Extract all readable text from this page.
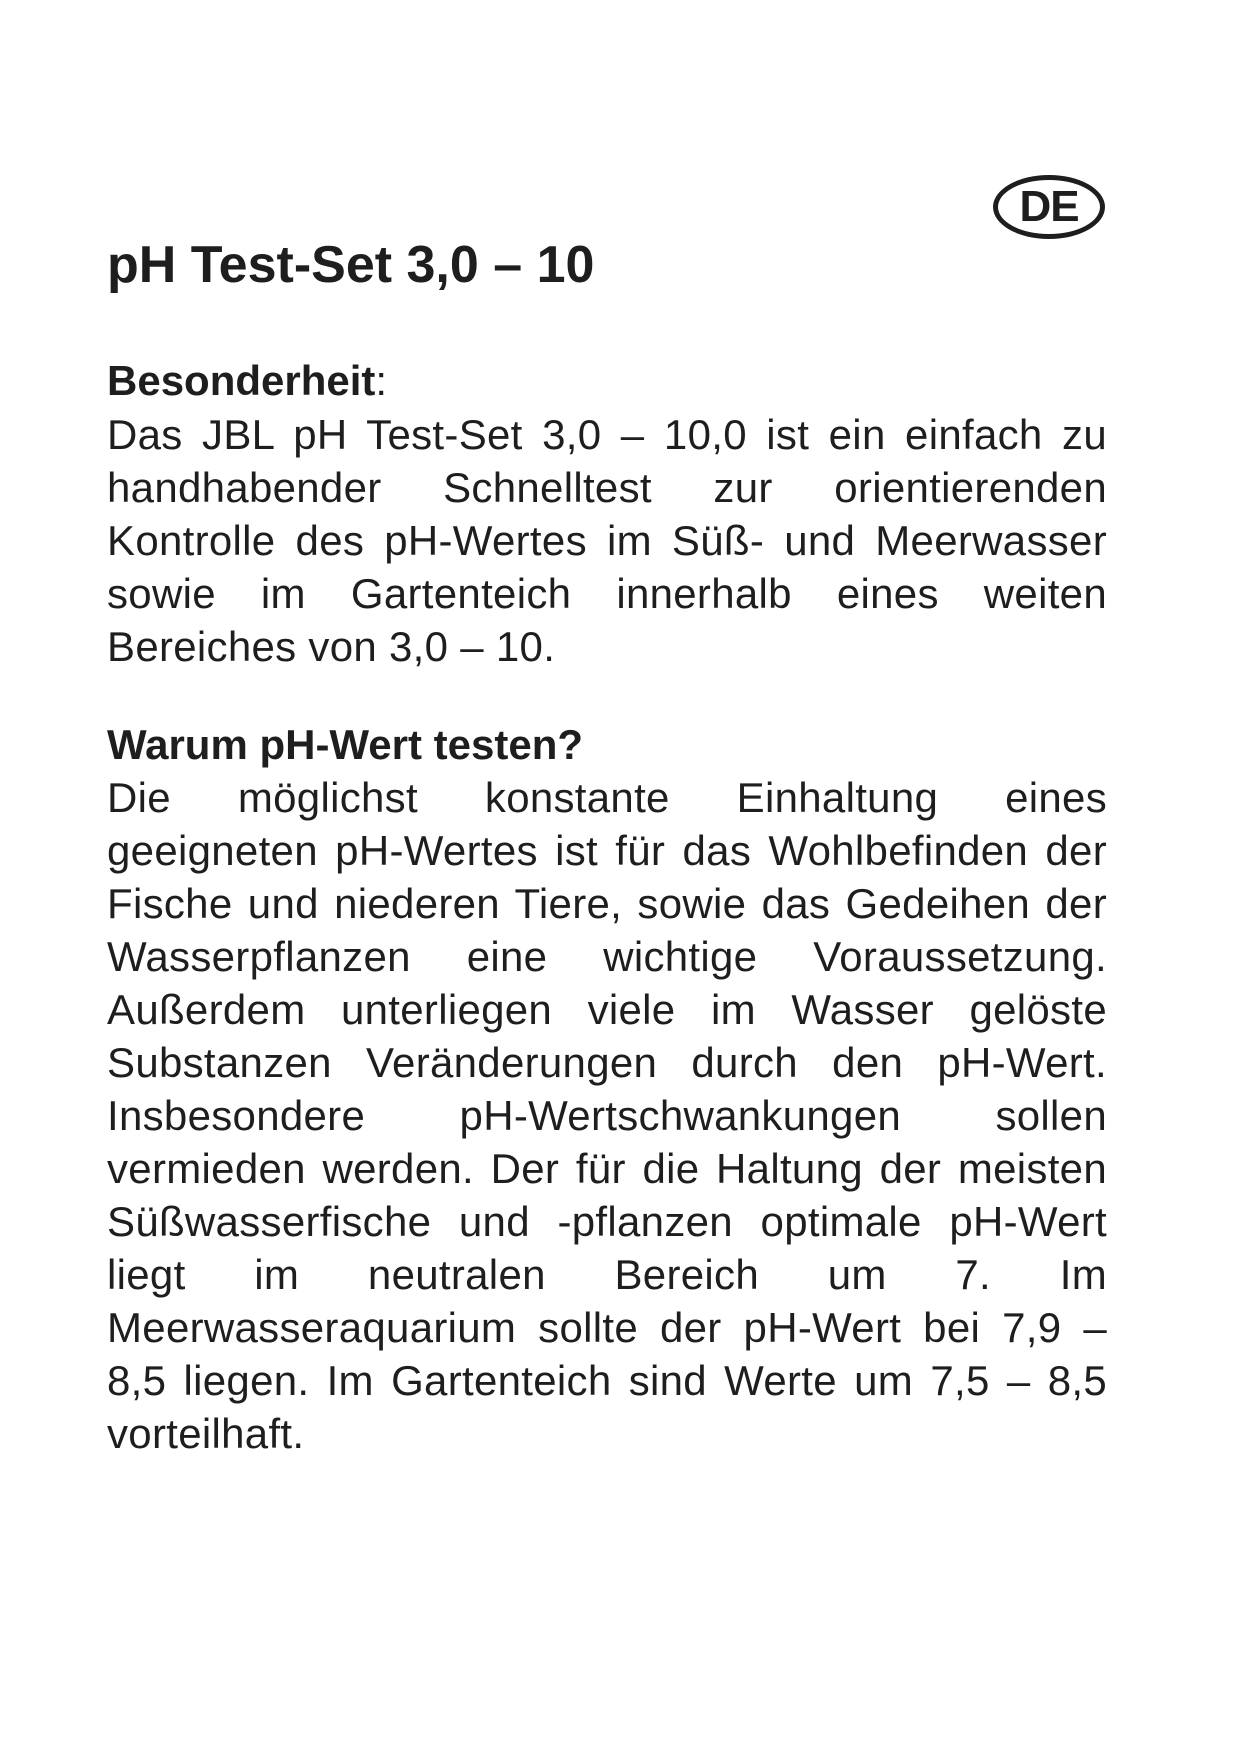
DE
pH Test-Set 3,0 – 10

Besonderheit:

Das JBL pH Test-Set 3,0 – 10,0 ist ein einfach zu handhabender Schnelltest zur orientierenden Kontrolle des pH-Wertes im Süß- und Meerwasser sowie im Gartenteich innerhalb eines weiten Bereiches von 3,0 – 10.

Warum pH-Wert testen?

Die möglichst konstante Einhaltung eines geeigneten pH-Wertes ist für das Wohlbefinden der Fische und niederen Tiere, sowie das Gedeihen der Wasserpflanzen eine wichtige Voraussetzung. Außerdem unterliegen viele im Wasser gelöste Substanzen Veränderungen durch den pH-Wert. Insbesondere pH-Wertschwankungen sollen vermieden werden. Der für die Haltung der meisten Süßwasserfische und -pflanzen optimale pH-Wert liegt im neutralen Bereich um 7. Im Meerwasseraquarium sollte der pH-Wert bei 7,9 – 8,5 liegen. Im Gartenteich sind Werte um 7,5 – 8,5 vorteilhaft.
